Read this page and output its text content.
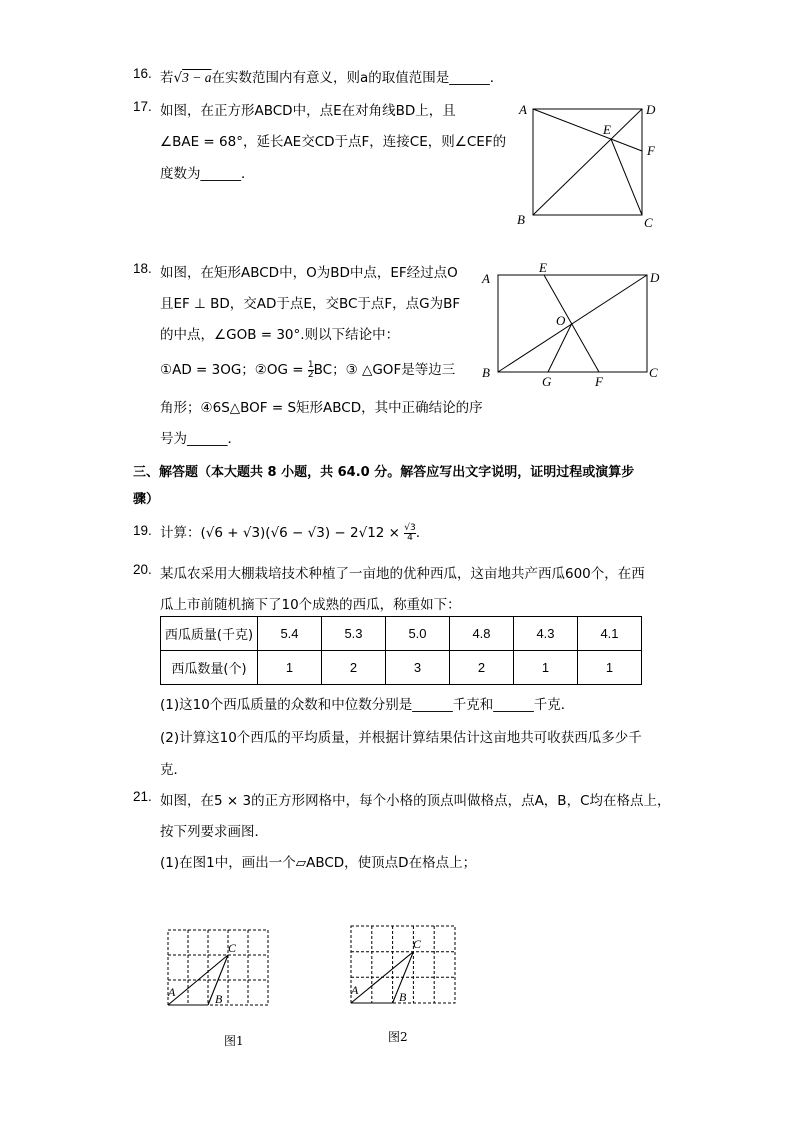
16. 若√3 − a在实数范围内有意义，则a的取值范围是______．
17. 如图，在正方形ABCD中，点E在对角线BD上，且
∠BAE = 68°，延长AE交CD于点F，连接CE，则∠CEF的
度数为______．
A	D
E
F
B	C
18. 如图，在矩形ABCD中，O为BD中点，EF经过点O
且EF ⊥ BD，交AD于点E，交BC于点F，点G为BF
的中点，∠GOB = 30°.则以下结论中：
①AD = 3OG；②OG = $\frac{1}{2}$ BC；③ △GOF是等边三
角形；④6S△BOF = S矩形ABCD，其中正确结论的序
号为______．
A
E
D
O
B
G	F
C
三、解答题（本大题共 8 小题，共 64.0 分。解答应写出文字说明，证明过程或演算步
骤）
19. 计算：$(√6 + √3)(√6 - √3) - 2√12 \times \frac{√3}{4}$ .
20. 某瓜农采用大棚栽培技术种植了一亩地的优种西瓜，这亩地共产西瓜600个，在西
瓜上市前随机摘下了10个成熟的西瓜，称重如下：
西瓜质量(千克)	5.4	5.3	5.0	4.8	4.3	4.1
西瓜数量(个)	1	2	3	2	1	1
(1)这10个西瓜质量的众数和中位数分别是______千克和______千克．
(2)计算这10个西瓜的平均质量，并根据计算结果估计这亩地共可收获西瓜多少千
克．
21. 如图，在5 × 3的正方形网格中，每个小格的顶点叫做格点，点A，B，C均在格点上，
按下列要求画图．
(1)在图1中，画出一个▱ABCD，使顶点D在格点上；
A	B
C
图1
A	B
C
图2
